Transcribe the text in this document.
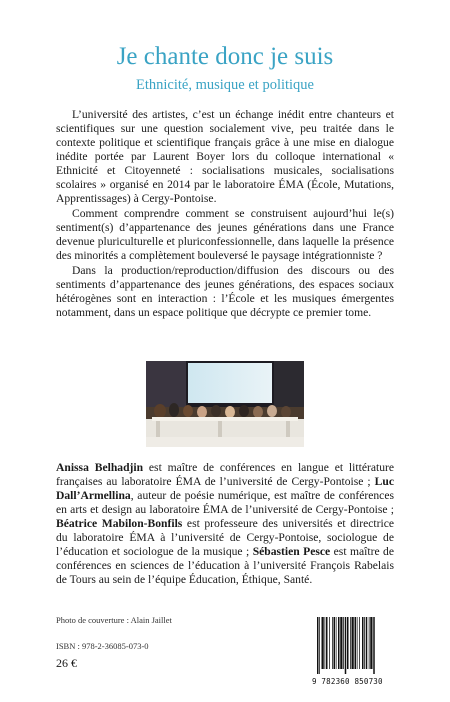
Je chante donc je suis
Ethnicité, musique et politique

L’université des artistes, c’est un échange inédit entre chanteurs et scientifiques sur une question socialement vive, peu traitée dans le contexte politique et scientifique français grâce à une mise en dialogue inédite portée par Laurent Boyer lors du colloque international « Ethnicité et Citoyenneté : socialisations musicales, socialisations scolaires » organisé en 2014 par le laboratoire ÉMA (École, Mutations, Apprentissages) à Cergy-Pontoise.

Comment comprendre comment se construisent aujourd’hui le(s) sentiment(s) d’appartenance des jeunes générations dans une France devenue pluriculturelle et pluriconfessionnelle, dans laquelle la présence des minorités a complètement bouleversé le paysage intégrationniste ?

Dans la production/reproduction/diffusion des discours ou des sentiments d’appartenance des jeunes générations, des espaces sociaux hétérogènes sont en interaction : l’École et les musiques émergentes notamment, dans un espace politique que décrypte ce premier tome.

Anissa Belhadjin est maître de conférences en langue et littérature françaises au laboratoire ÉMA de l’université de Cergy-Pontoise ; Luc Dall’Armellina, auteur de poésie numérique, est maître de conférences en arts et design au laboratoire ÉMA de l’université de Cergy-Pontoise ; Béatrice Mabilon-Bonfils est professeure des universités et directrice du laboratoire ÉMA à l’université de Cergy-Pontoise, sociologue de l’éducation et sociologue de la musique ; Sébastien Pesce est maître de conférences en sciences de l’éducation à l’université François Rabelais de Tours au sein de l’équipe Éducation, Éthique, Santé.

Photo de couverture : Alain Jaillet
ISBN : 978-2-36085-073-0
26 €
9 782360 850730
